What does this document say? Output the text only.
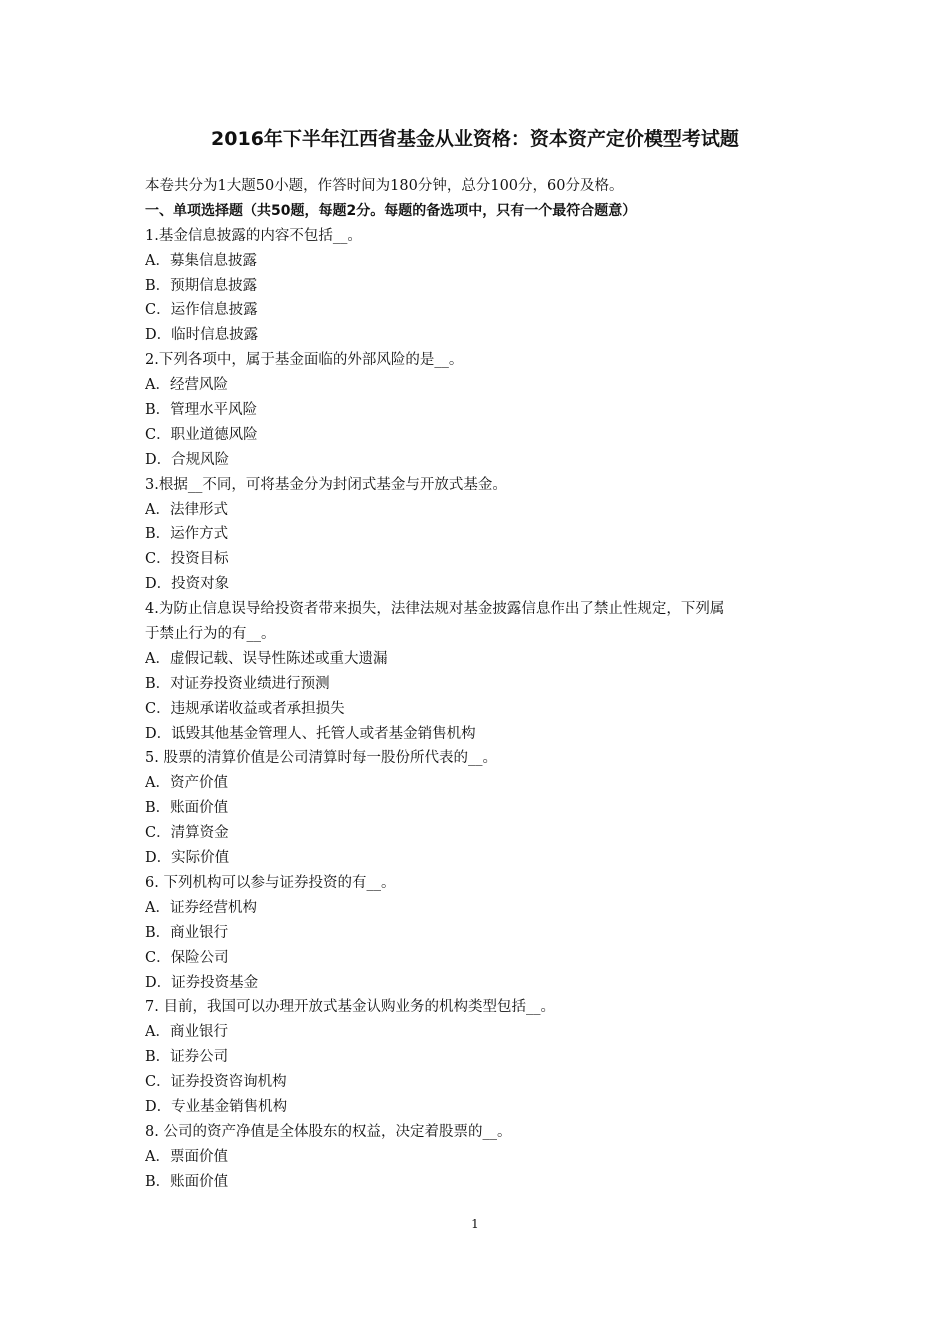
2016年下半年江西省基金从业资格：资本资产定价模型考试题
本卷共分为1大题50小题，作答时间为180分钟，总分100分，60分及格。
一、单项选择题（共50题，每题2分。每题的备选项中，只有一个最符合题意）
1.基金信息披露的内容不包括__。
A．募集信息披露
B．预期信息披露
C．运作信息披露
D．临时信息披露
2.下列各项中，属于基金面临的外部风险的是__。
A．经营风险
B．管理水平风险
C．职业道德风险
D．合规风险
3.根据__不同，可将基金分为封闭式基金与开放式基金。
A．法律形式
B．运作方式
C．投资目标
D．投资对象
4.为防止信息误导给投资者带来损失，法律法规对基金披露信息作出了禁止性规定，下列属
于禁止行为的有__。
A．虚假记载、误导性陈述或重大遗漏
B．对证券投资业绩进行预测
C．违规承诺收益或者承担损失
D．诋毁其他基金管理人、托管人或者基金销售机构
5. 股票的清算价值是公司清算时每一股份所代表的__。
A．资产价值
B．账面价值
C．清算资金
D．实际价值
6. 下列机构可以参与证券投资的有__。
A．证券经营机构
B．商业银行
C．保险公司
D．证券投资基金
7. 目前，我国可以办理开放式基金认购业务的机构类型包括__。
A．商业银行
B．证券公司
C．证券投资咨询机构
D．专业基金销售机构
8. 公司的资产净值是全体股东的权益，决定着股票的__。
A．票面价值
B．账面价值
1
